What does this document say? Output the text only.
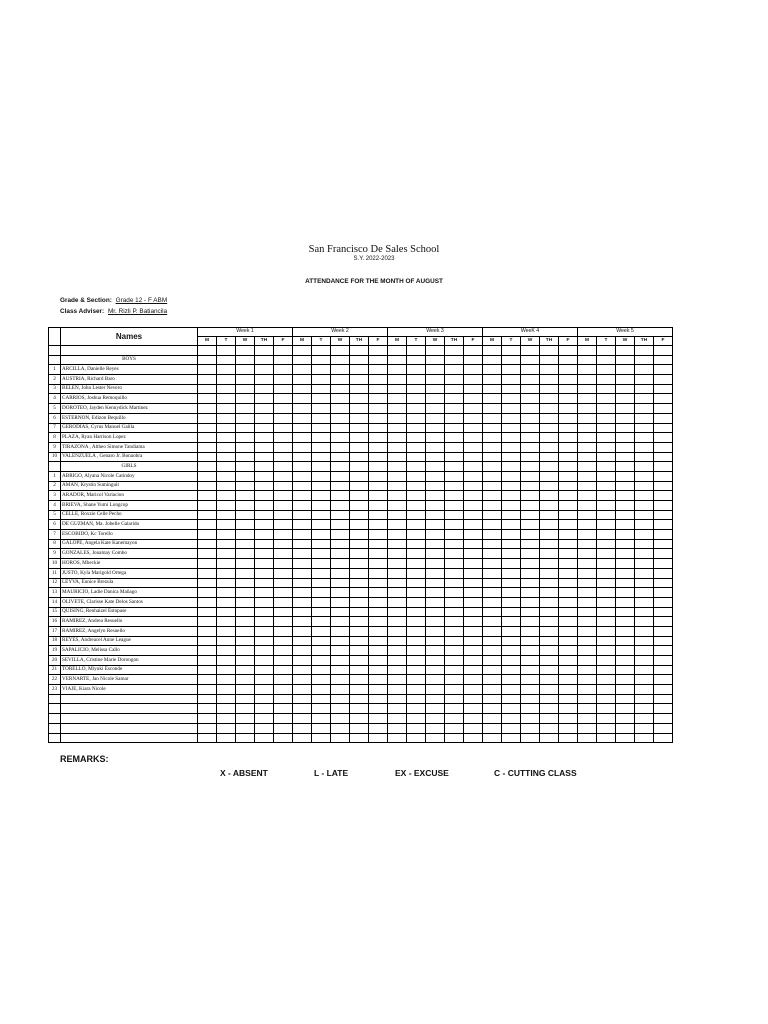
San Francisco De Sales School
S.Y. 2022-2023
ATTENDANCE FOR THE MONTH OF AUGUST
Grade & Section: Grade 12 - F ABM
Class Adviser: Mr. Rizli P. Batiancila
	Names	Week 1					Week 2					Week 3					WeeK 4					Week 5				
		M	T	W	TH	F	M	T	W	TH	F	M	T	W	TH	F	M	T	W	TH	F	M	T	W	TH	F

	BOYS																									
1	ARCILLA, Danielle Reyes																									
2	AUSTRIA, Richard Baro																									
3	BELEN, John Lester Nevero																									
4	CARRIOS, Joshua Remoquillo																									
5	DOROTEO, Jayden Kennydick Martinez																									
6	ESTERNON, Edizon Bequillo																									
7	GERODIAS, Cyrus Manuel Galila																									
8	PLAZA, Ryan Harrison Lopez																									
9	TIRAZONA , Altheo Simone Tandiama																									
10	VALENZUELA , Genaro Jr. Bonaobra																									
	GIRLS																									
1	ABRIGO, Alyana Nicole Catindoy																									
2	AMAN, Krystin Suminguit																									
3	ARADOR, Maricol Variacion																									
4	BRIEVA, Shane Yumi Longcop																									
5	CELLE, Roxzie Celle Pecho																									
6	DE GUZMAN, Ma. Jobelle Galarido																									
7	ESCOBIDO, Kc Torello																									
8	GALOPE, Angela Kate Kanemayon																									
9	GONZALES, Jonamay Combo																									
10	HOROS, Mheckie																									
11	JUSTO, Kyla Marigold Ortega																									
12	LEYVA, Eunice Brezula																									
13	MAURICIO, Ladie Danica Mañago																									
14	OLIVETE, Clarisse Kate Delos Santos																									
15	QUISING, Renhaizel Estopase																									
16	RAMIREZ, Andrea Resuello																									
17	RAMIREZ, Angelyn Resuello																									
18	REYES, Andreacel Anne League																									
19	SAPALICIO, Melissa Callo																									
20	SEVILLA, Cristine Marie Dorongon																									
21	TORELLO, Miyuki Esconde																									
22	VERNARTE, Jan Nicole Samar																									
23	VIAJE, Kiara Nicole																									

REMARKS:
X - ABSENT	L - LATE	EX - EXCUSE	C - CUTTING CLASS
